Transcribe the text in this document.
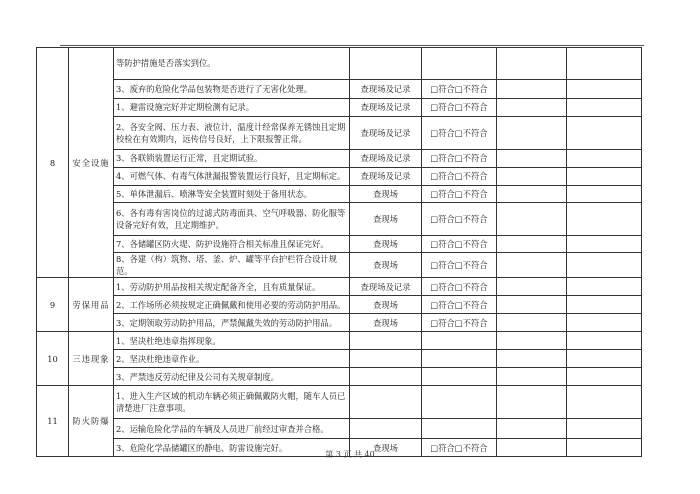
8	安全设施	等防护措施是否落实到位。				
		3、废弃的危险化学品包装物是否进行了无害化处理。	查现场及记录	□符合□不符合		
		1、避雷设施完好并定期检测有记录。	查现场及记录	□符合□不符合		
		2、各安全阀、压力表、液位计，温度计经常保养无锈蚀且定期校检在有效期内，远传信号良好，上下限报警正常。	查现场及记录	□符合□不符合		
		3、各联锁装置运行正常，且定期试验。	查现场及记录	□符合□不符合		
		4、可燃气体、有毒气体泄漏报警装置运行良好，且定期标定。	查现场及记录	□符合□不符合		
		5、单体泄漏后、喷淋等安全装置时刻处于备用状态。	查现场	□符合□不符合		
		6、各有毒有害岗位的过滤式防毒面具、空气呼吸器、防化服等设备完好有效，且定期维护。	查现场	□符合□不符合		
		7、各储罐区防火堤、防护设施符合相关标准且保证完好。	查现场	□符合□不符合		
		8、各建（构）筑物、塔、釜、炉、罐等平台护栏符合设计规范。	查现场	□符合□不符合		
9	劳保用品	1、劳动防护用品按相关规定配备齐全，且有质量保证。	查现场及记录	□符合□不符合		
		2、工作场所必须按规定正确佩戴和使用必要的劳动防护用品。	查现场	□符合□不符合		
		3、定期领取劳动防护用品，严禁佩戴失效的劳动防护用品。	查现场	□符合□不符合		
10	三违现象	1、坚决杜绝违章指挥现象。				
		2、坚决杜绝违章作业。				
		3、严禁违反劳动纪律及公司有关规章制度。				
11	防火防爆	1、进入生产区域的机动车辆必须正确佩戴防火帽，随车人员已清楚进厂注意事项。				
		2、运输危险化学品的车辆及人员进厂前经过审查并合格。				
		3、危险化学品储罐区的静电、防雷设施完好。	查现场	□符合□不符合		
第 3 页 共 40
